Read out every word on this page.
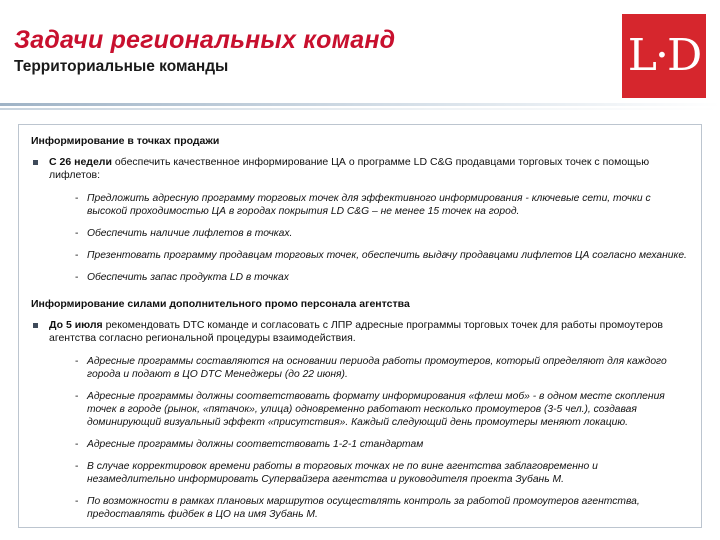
Задачи региональных команд
Территориальные команды	L·D
Информирование в точках продажи
С 26 недели обеспечить качественное информирование ЦА о программе LD C&G продавцами торговых точек с помощью лифлетов:
- Предложить адресную программу торговых точек для эффективного информирования - ключевые сети, точки с высокой проходимостью ЦА в городах покрытия LD C&G – не менее 15 точек на город.
- Обеспечить наличие лифлетов в точках.
- Презентовать программу продавцам торговых точек, обеспечить выдачу продавцами лифлетов ЦА согласно механике.
- Обеспечить запас продукта LD в точках
Информирование силами дополнительного промо персонала агентства
До 5 июля рекомендовать DTC команде и согласовать с ЛПР адресные программы торговых точек для работы промоутеров агентства согласно региональной процедуры взаимодействия.
- Адресные программы составляются на основании периода работы промоутеров, который определяют для каждого города и подают в ЦО DTC Менеджеры (до 22 июня).
- Адресные программы должны соответствовать формату информирования «флеш моб» - в одном месте скопления точек в городе (рынок, «пятачок», улица) одновременно работают несколько промоутеров (3-5 чел.), создавая доминирующий визуальный эффект «присутствия». Каждый следующий день промоутеры меняют локацию.
- Адресные программы должны соответствовать 1-2-1 стандартам
- В случае корректировок времени работы в торговых точках не по вине агентства заблаговременно и незамедлительно информировать Супервайзера агентства и руководителя проекта Зубань М.
- По возможности в рамках плановых маршрутов осуществлять контроль за работой промоутеров агентства, предоставлять фидбек в ЦО на имя Зубань М.
